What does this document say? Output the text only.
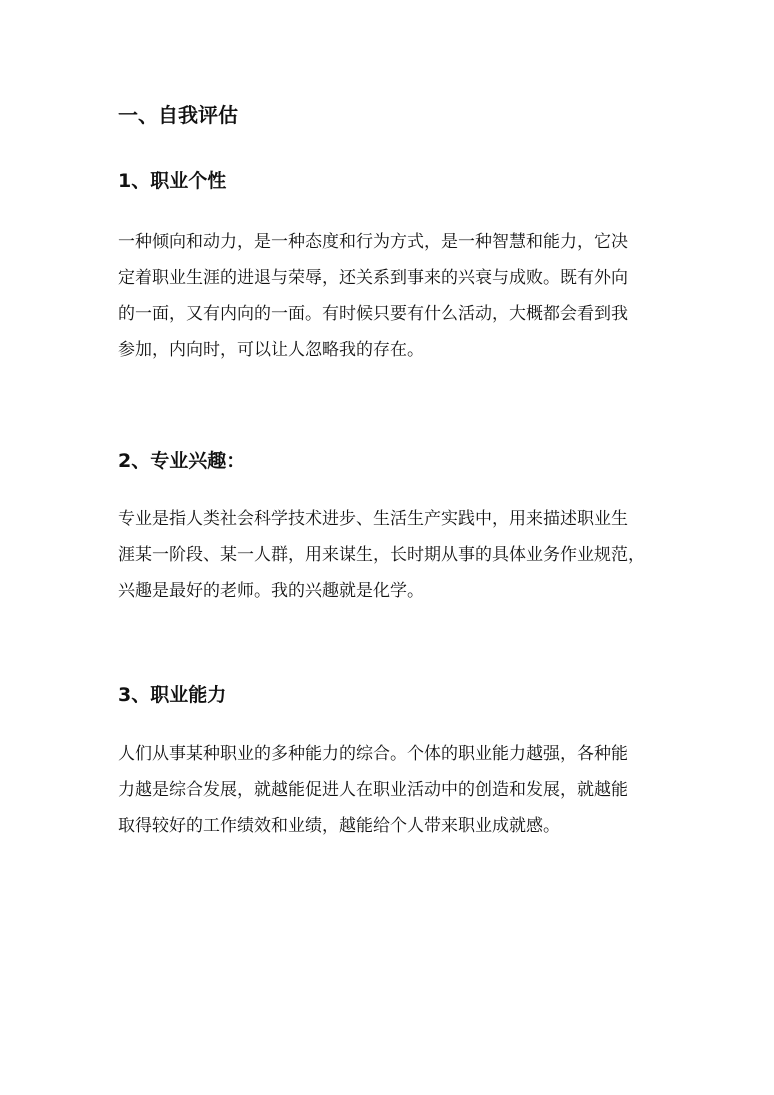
一、自我评估
1、职业个性

一种倾向和动力，是一种态度和行为方式，是一种智慧和能力，它决
定着职业生涯的进退与荣辱，还关系到事来的兴衰与成败。既有外向
的一面，又有内向的一面。有时候只要有什么活动，大概都会看到我
参加，内向时，可以让人忽略我的存在。

2、专业兴趣：

专业是指人类社会科学技术进步、生活生产实践中，用来描述职业生
涯某一阶段、某一人群，用来谋生，长时期从事的具体业务作业规范，
兴趣是最好的老师。我的兴趣就是化学。

3、职业能力

人们从事某种职业的多种能力的综合。个体的职业能力越强，各种能
力越是综合发展，就越能促进人在职业活动中的创造和发展，就越能
取得较好的工作绩效和业绩，越能给个人带来职业成就感。
